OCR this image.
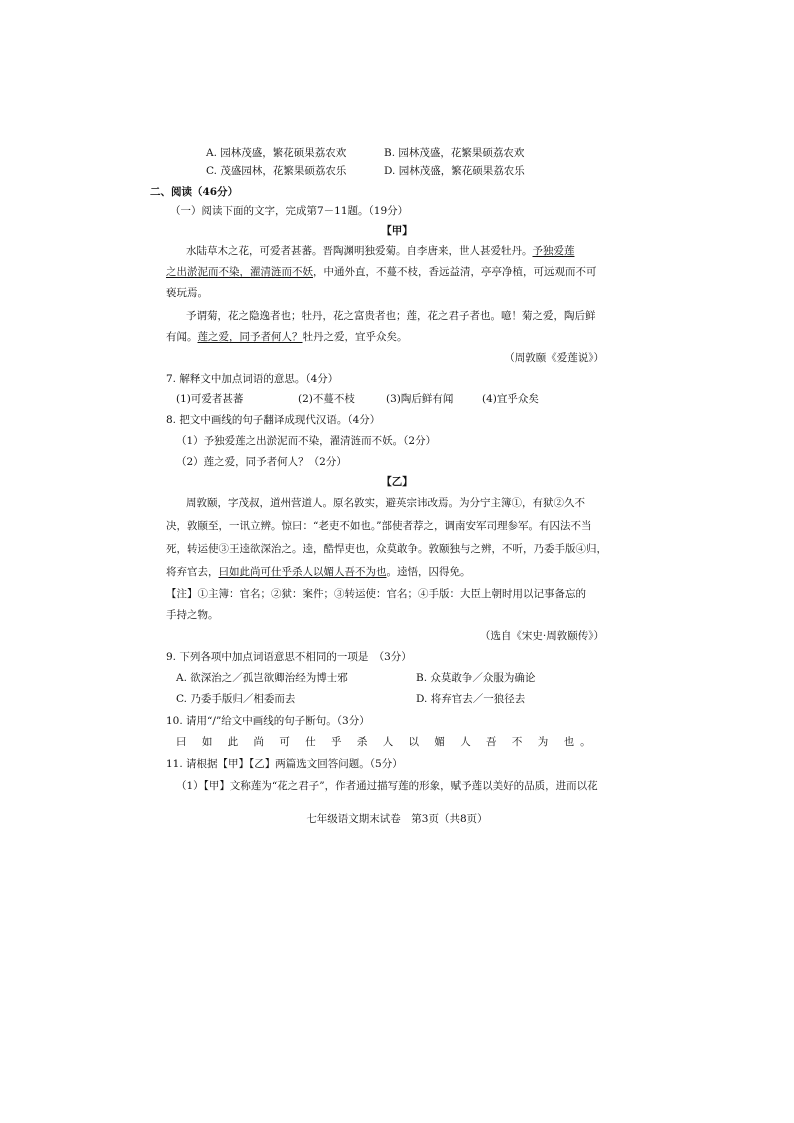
A. 园林茂盛，繁花硕果荔农欢	B. 园林茂盛，花繁果硕荔农欢
C. 茂盛园林，花繁果硕荔农乐	D. 园林茂盛，繁花硕果荔农乐
二、阅读（46分）
（一）阅读下面的文字，完成第7－11题。（19分）
【甲】
水陆草木之花，可爱者甚蕃。晋陶渊明独爱菊。自李唐来，世人甚爱牡丹。予独爱莲
之出淤泥而不染，濯清涟而不妖，中通外直，不蔓不枝，香远益清，亭亭净植，可远观而不可
亵玩焉。
予谓菊，花之隐逸者也；牡丹，花之富贵者也；莲，花之君子者也。噫！菊之爱，陶后鲜
有闻。莲之爱，同予者何人？牡丹之爱，宜乎众矣。
（周敦颐《爱莲说》）
7. 解释文中加点词语的意思。（4分）
(1)可爱者甚蕃	(2)不蔓不枝	(3)陶后鲜有闻	(4)宜乎众矣
8. 把文中画线的句子翻译成现代汉语。（4分）
（1）予独爱莲之出淤泥而不染，濯清涟而不妖。（2分）
（2）莲之爱，同予者何人？（2分）
【乙】
周敦颐，字茂叔，道州营道人。原名敦实，避英宗讳改焉。为分宁主簿①，有狱②久不
决，敦颐至，一讯立辨。惊曰：“老吏不如也。”部使者荐之，调南安军司理参军。有囚法不当
死，转运使③王逵欲深治之。逵，酷悍吏也，众莫敢争。敦颐独与之辨，不听，乃委手版④归，
将弃官去，曰如此尚可仕乎杀人以媚人吾不为也。逵悟，囚得免。
【注】①主簿：官名；②狱：案件；③转运使：官名；④手版：大臣上朝时用以记事备忘的
手持之物。
（选自《宋史·周敦颐传》）
9. 下列各项中加点词语意思不相同的一项是　（3分）
A. 欲深治之／孤岂欲卿治经为博士邪	B. 众莫敢争／众服为确论
C. 乃委手版归／相委而去	D. 将弃官去／一狼径去
10. 请用“/”给文中画线的句子断句。（3分）
曰 如 此 尚 可 仕 乎 杀 人 以 媚 人 吾 不 为 也。
11. 请根据【甲】【乙】两篇选文回答问题。（5分）
（1）【甲】文称莲为“花之君子”，作者通过描写莲的形象，赋予莲以美好的品质，进而以花
七年级语文期末试卷　第3页（共8页）
